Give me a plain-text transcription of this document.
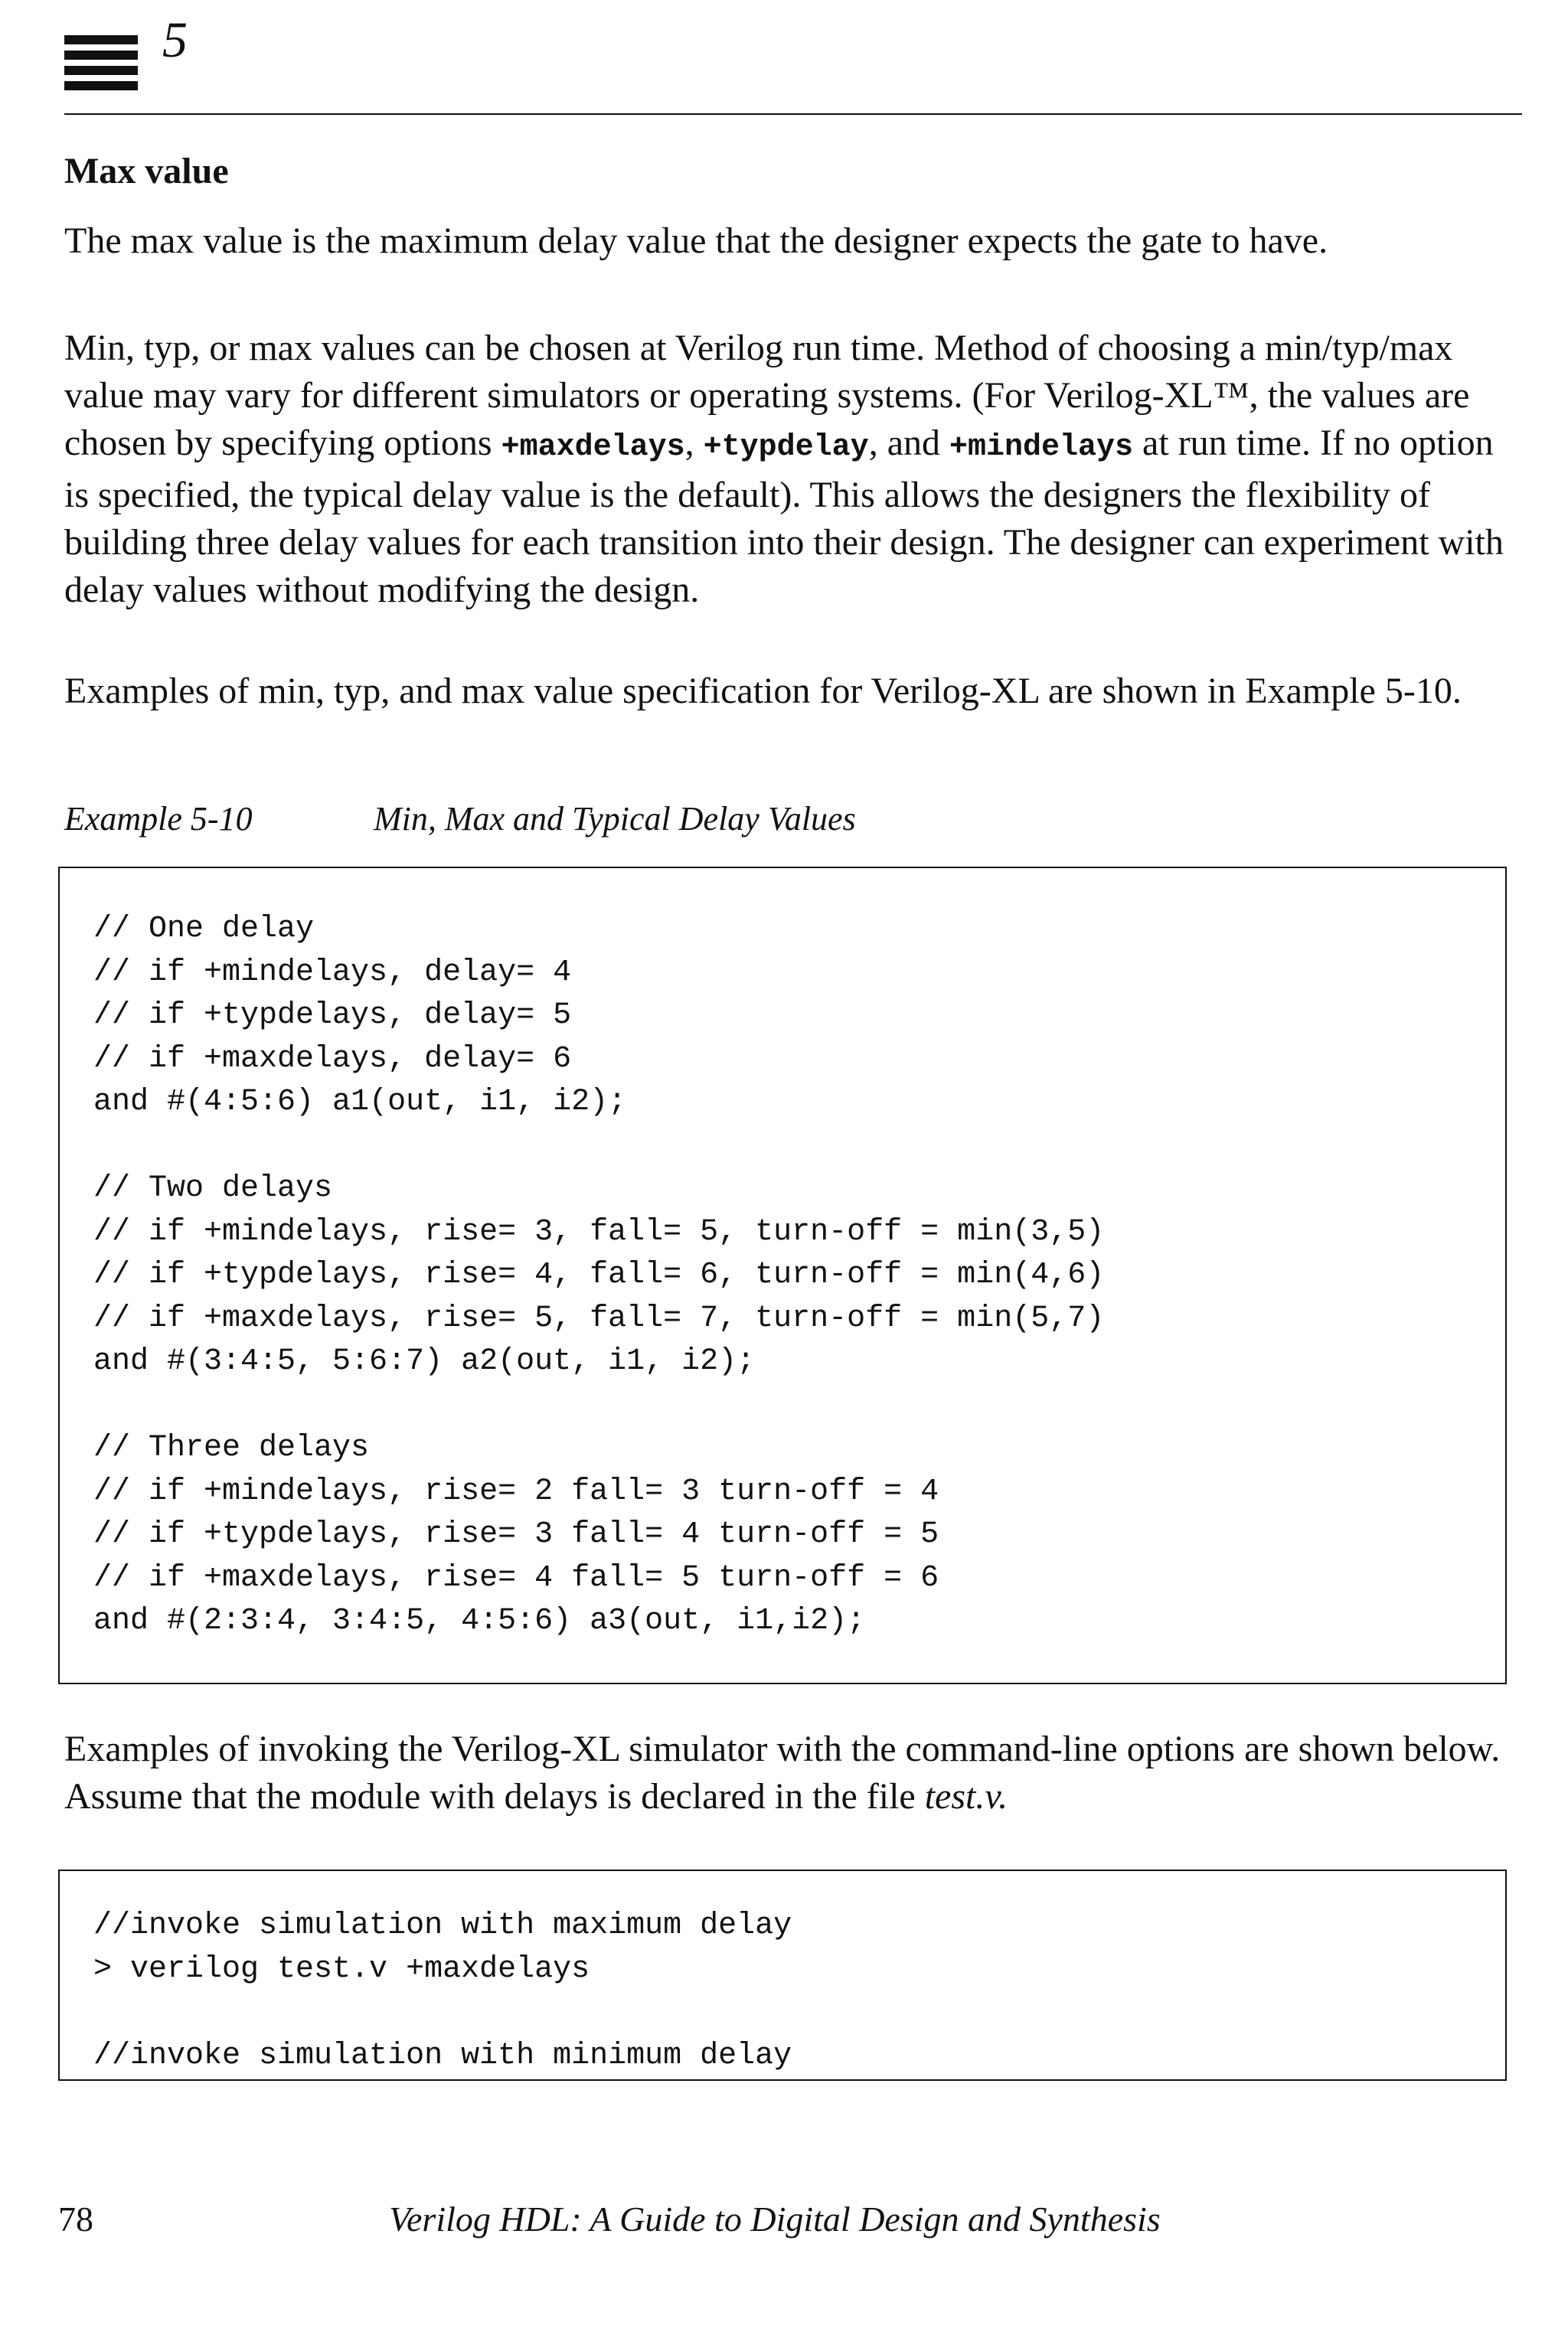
5
Max value

The max value is the maximum delay value that the designer expects the gate to have.

Min, typ, or max values can be chosen at Verilog run time. Method of choosing a min/typ/max value may vary for different simulators or operating systems. (For Verilog-XL™, the values are chosen by specifying options +maxdelays, +typdelay, and +mindelays at run time. If no option is specified, the typical delay value is the default). This allows the designers the flexibility of building three delay values for each transition into their design. The designer can experiment with delay values without modifying the design.

Examples of min, typ, and max value specification for Verilog-XL are shown in Example 5-10.

Example 5-10	Min, Max and Typical Delay Values
// One delay
// if +mindelays, delay= 4
// if +typdelays, delay= 5
// if +maxdelays, delay= 6
and #(4:5:6) a1(out, i1, i2);

// Two delays
// if +mindelays, rise= 3, fall= 5, turn-off = min(3,5)
// if +typdelays, rise= 4, fall= 6, turn-off = min(4,6)
// if +maxdelays, rise= 5, fall= 7, turn-off = min(5,7)
and #(3:4:5, 5:6:7) a2(out, i1, i2);

// Three delays
// if +mindelays, rise= 2 fall= 3 turn-off = 4
// if +typdelays, rise= 3 fall= 4 turn-off = 5
// if +maxdelays, rise= 4 fall= 5 turn-off = 6
and #(2:3:4, 3:4:5, 4:5:6) a3(out, i1,i2);

Examples of invoking the Verilog-XL simulator with the command-line options are shown below. Assume that the module with delays is declared in the file test.v.

//invoke simulation with maximum delay
> verilog test.v +maxdelays

//invoke simulation with minimum delay
78	Verilog HDL: A Guide to Digital Design and Synthesis
